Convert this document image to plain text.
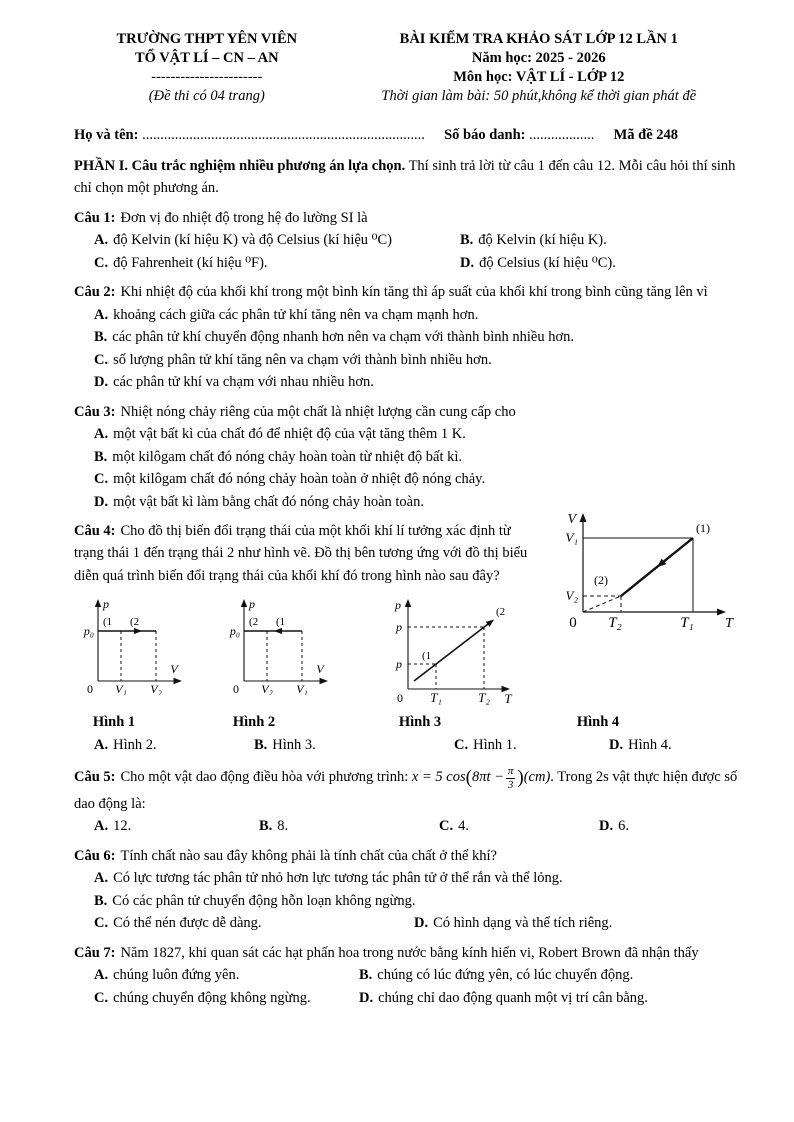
TRƯỜNG THPT YÊN VIÊN
TỔ VẬT LÍ – CN – AN
-----------------------
(Đề thi có 04 trang)
BÀI KIỂM TRA KHẢO SÁT LỚP 12 LẦN 1
Năm học: 2025 - 2026
Môn học: VẬT LÍ - LỚP 12
Thời gian làm bài: 50 phút,không kể thời gian phát đề
Họ và tên: .............................................................................. Số báo danh: .................. Mã đề 248
PHẦN I. Câu trắc nghiệm nhiều phương án lựa chọn. Thí sinh trả lời từ câu 1 đến câu 12. Mỗi câu hỏi thí sinh chỉ chọn một phương án.
Câu 1: Đơn vị đo nhiệt độ trong hệ đo lường SI là
A. độ Kelvin (kí hiệu K) và độ Celsius (kí hiệu ⁰C)	B. độ Kelvin (kí hiệu K).
C. độ Fahrenheit (kí hiệu ⁰F).	D. độ Celsius (kí hiệu ⁰C).
Câu 2: Khi nhiệt độ của khối khí trong một bình kín tăng thì áp suất của khối khí trong bình cũng tăng lên vì
A. khoảng cách giữa các phân tử khí tăng nên va chạm mạnh hơn.
B. các phân tử khí chuyển động nhanh hơn nên va chạm với thành bình nhiều hơn.
C. số lượng phân tử khí tăng nên va chạm với thành bình nhiều hơn.
D. các phân tử khí va chạm với nhau nhiều hơn.
Câu 3: Nhiệt nóng chảy riêng của một chất là nhiệt lượng cần cung cấp cho
A. một vật bất kì của chất đó để nhiệt độ của vật tăng thêm 1 K.
B. một kilôgam chất đó nóng chảy hoàn toàn từ nhiệt độ bất kì.
C. một kilôgam chất đó nóng chảy hoàn toàn ở nhiệt độ nóng chảy.
D. một vật bất kì làm bằng chất đó nóng chảy hoàn toàn.
V
V₁
V₂
(1)
(2)
0 T₂	T₁ T
Câu 4: Cho đồ thị biến đổi trạng thái của một khối khí lí tưởng xác định từ trạng thái 1 đến trạng thái 2 như hình vẽ. Đồ thị bên tương ứng với đồ thị biểu diễn quá trình biến đổi trạng thái của khối khí đó trong hình nào sau đây?
p
V
p₀
(1 (2
0 V₁ V₂

p
V
p₀
(2 (1
0 V₂ V₁

p
p
p
(2
(1
0 T₁	T₂ T
Hình 1	Hình 2	Hình 3	Hình 4
A. Hình 2.	B. Hình 3.	C. Hình 1.	D. Hình 4.
Câu 5: Cho một vật dao động điều hòa với phương trình: x = 5 $\cos(8\pi t - \frac{\pi}{3} )(cm)$. Trong 2s vật thực hiện được số dao động là:
A. 12.	B. 8.	C. 4.	D. 6.
Câu 6: Tính chất nào sau đây không phải là tính chất của chất ở thể khí?
A. Có lực tương tác phân tử nhỏ hơn lực tương tác phân tử ở thể rắn và thể lỏng.
B. Có các phân tử chuyển động hỗn loạn không ngừng.
C. Có thể nén được dễ dàng.	D. Có hình dạng và thể tích riêng.
Câu 7: Năm 1827, khi quan sát các hạt phấn hoa trong nước bằng kính hiển vi, Robert Brown đã nhận thấy
A. chúng luôn đứng yên.	B. chúng có lúc đứng yên, có lúc chuyển động.
C. chúng chuyển động không ngừng.	D. chúng chỉ dao động quanh một vị trí cân bằng.
